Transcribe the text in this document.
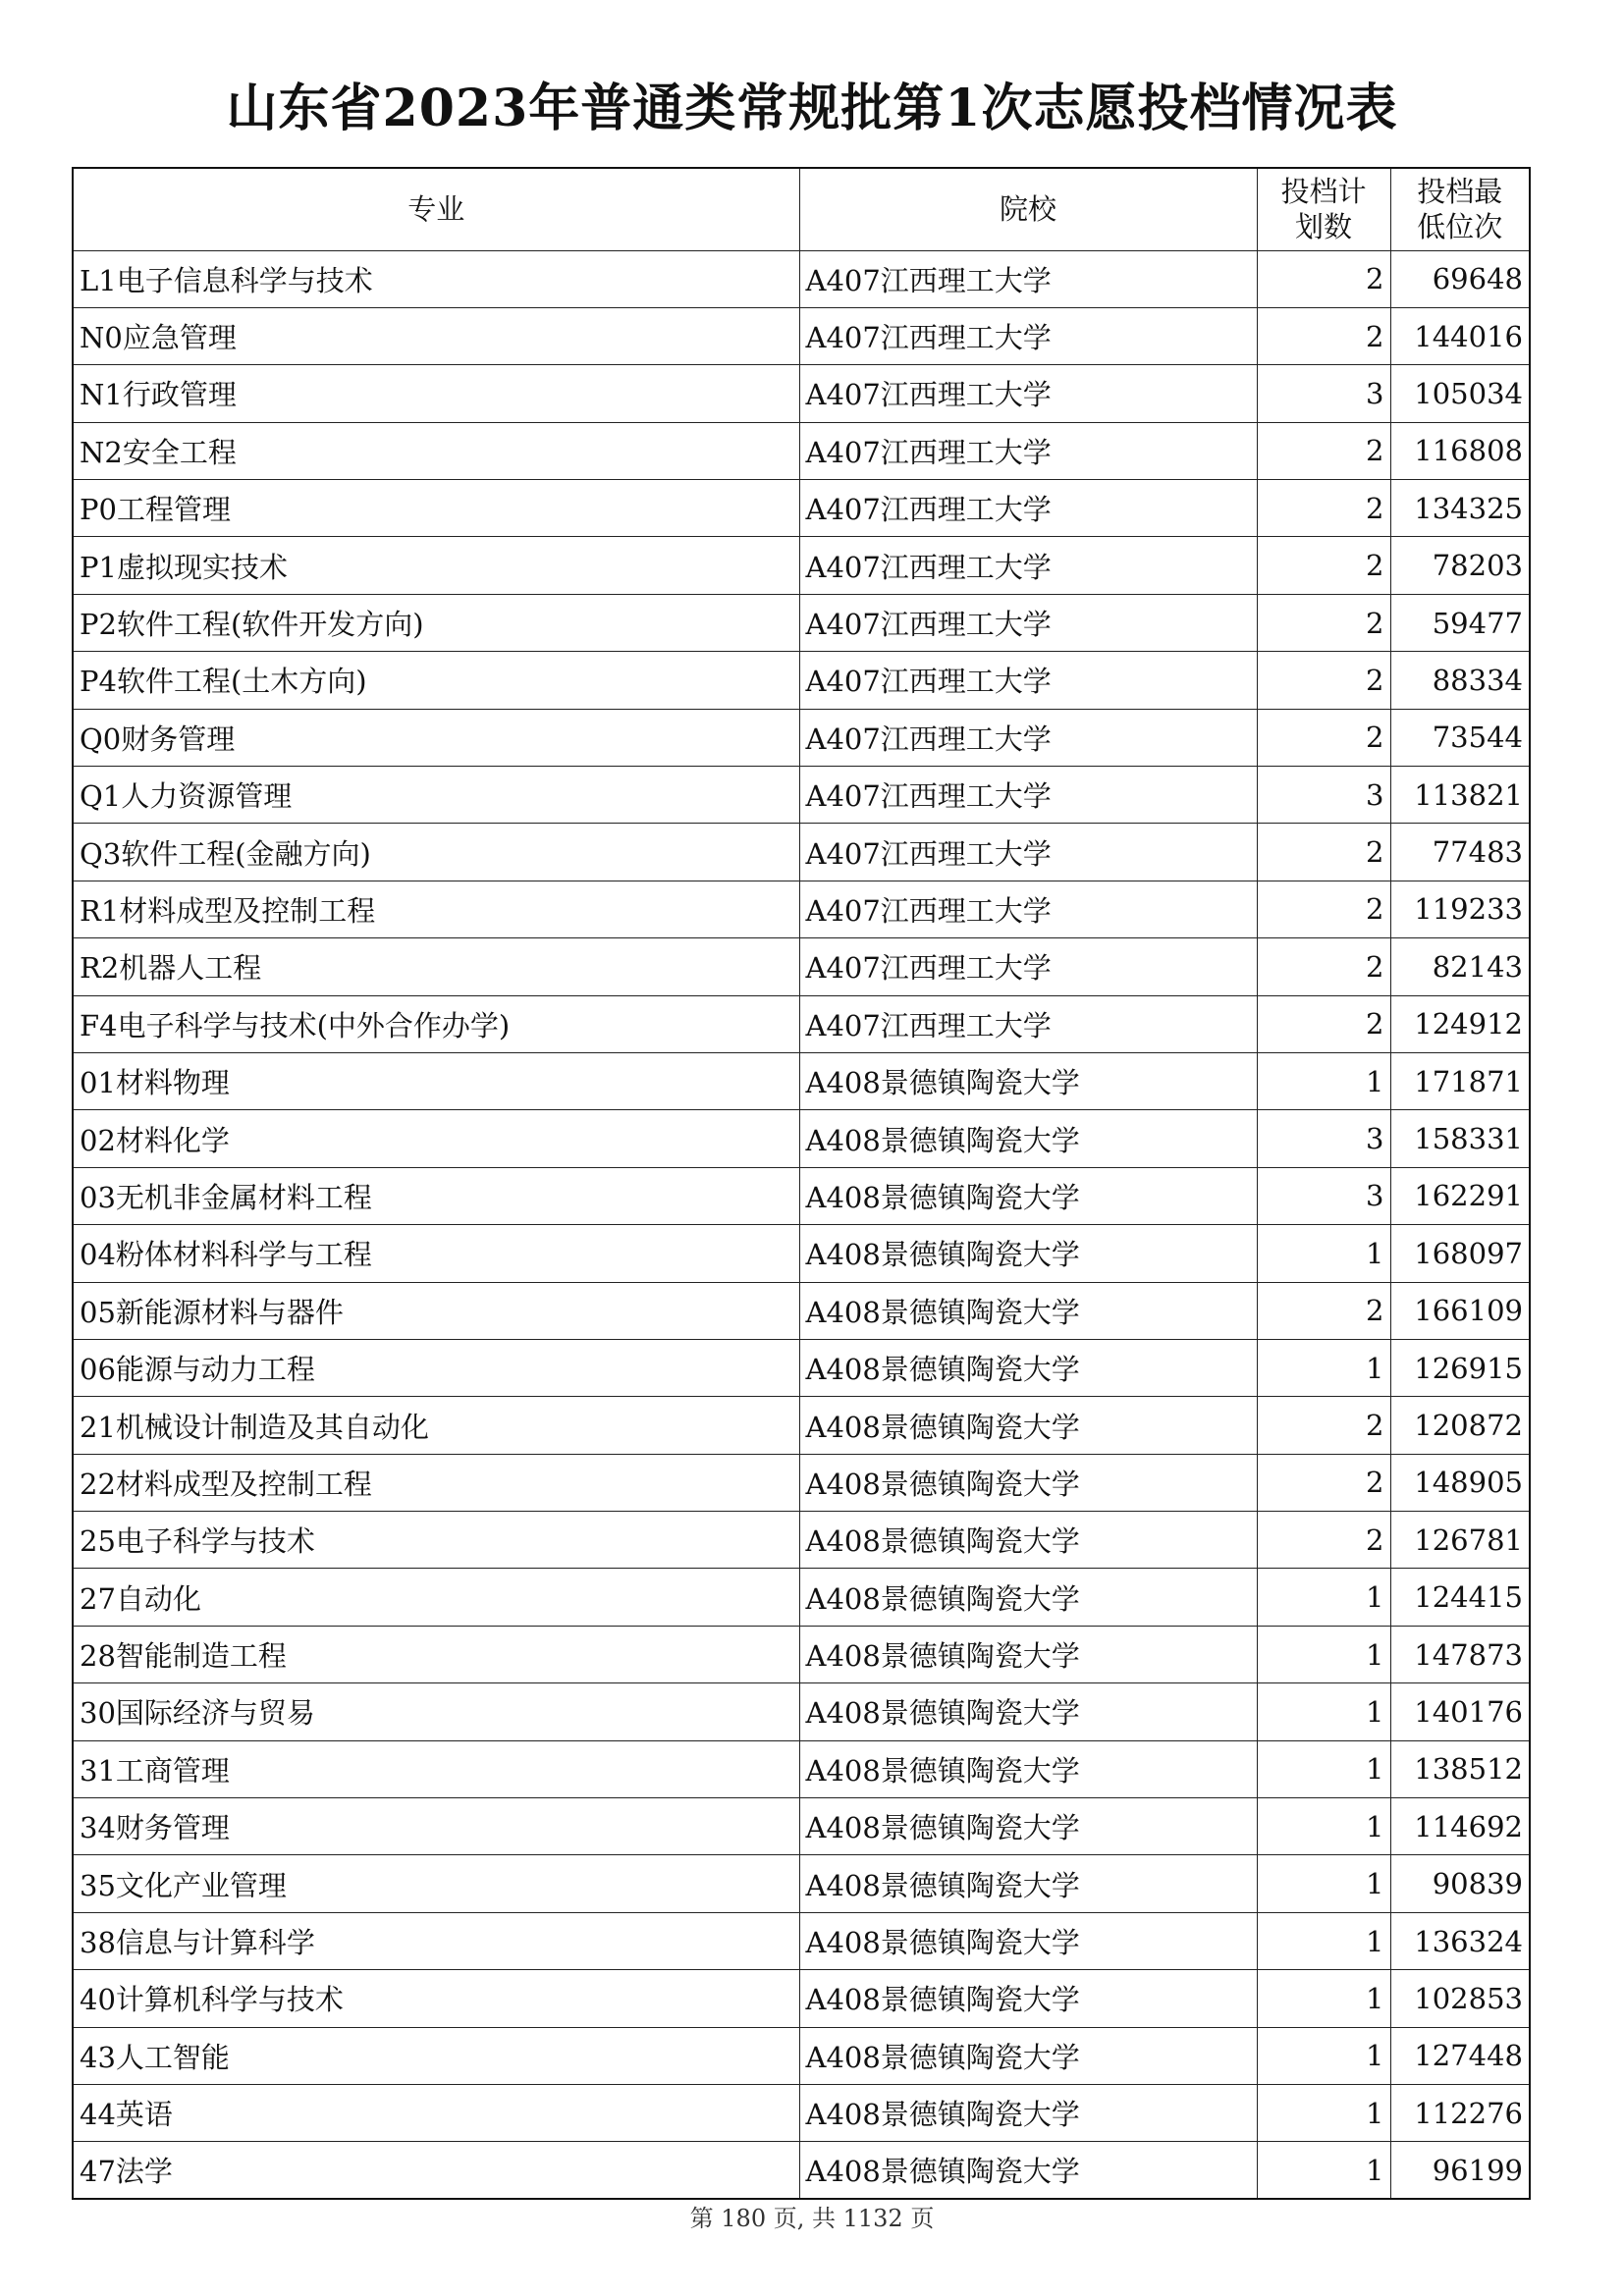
山东省2023年普通类常规批第1次志愿投档情况表
专业	院校	投档计划数	投档最低位次
L1电子信息科学与技术	A407江西理工大学	2	69648
N0应急管理	A407江西理工大学	2	144016
N1行政管理	A407江西理工大学	3	105034
N2安全工程	A407江西理工大学	2	116808
P0工程管理	A407江西理工大学	2	134325
P1虚拟现实技术	A407江西理工大学	2	78203
P2软件工程(软件开发方向)	A407江西理工大学	2	59477
P4软件工程(土木方向)	A407江西理工大学	2	88334
Q0财务管理	A407江西理工大学	2	73544
Q1人力资源管理	A407江西理工大学	3	113821
Q3软件工程(金融方向)	A407江西理工大学	2	77483
R1材料成型及控制工程	A407江西理工大学	2	119233
R2机器人工程	A407江西理工大学	2	82143
F4电子科学与技术(中外合作办学)	A407江西理工大学	2	124912
01材料物理	A408景德镇陶瓷大学	1	171871
02材料化学	A408景德镇陶瓷大学	3	158331
03无机非金属材料工程	A408景德镇陶瓷大学	3	162291
04粉体材料科学与工程	A408景德镇陶瓷大学	1	168097
05新能源材料与器件	A408景德镇陶瓷大学	2	166109
06能源与动力工程	A408景德镇陶瓷大学	1	126915
21机械设计制造及其自动化	A408景德镇陶瓷大学	2	120872
22材料成型及控制工程	A408景德镇陶瓷大学	2	148905
25电子科学与技术	A408景德镇陶瓷大学	2	126781
27自动化	A408景德镇陶瓷大学	1	124415
28智能制造工程	A408景德镇陶瓷大学	1	147873
30国际经济与贸易	A408景德镇陶瓷大学	1	140176
31工商管理	A408景德镇陶瓷大学	1	138512
34财务管理	A408景德镇陶瓷大学	1	114692
35文化产业管理	A408景德镇陶瓷大学	1	90839
38信息与计算科学	A408景德镇陶瓷大学	1	136324
40计算机科学与技术	A408景德镇陶瓷大学	1	102853
43人工智能	A408景德镇陶瓷大学	1	127448
44英语	A408景德镇陶瓷大学	1	112276
47法学	A408景德镇陶瓷大学	1	96199
第 180 页, 共 1132 页
